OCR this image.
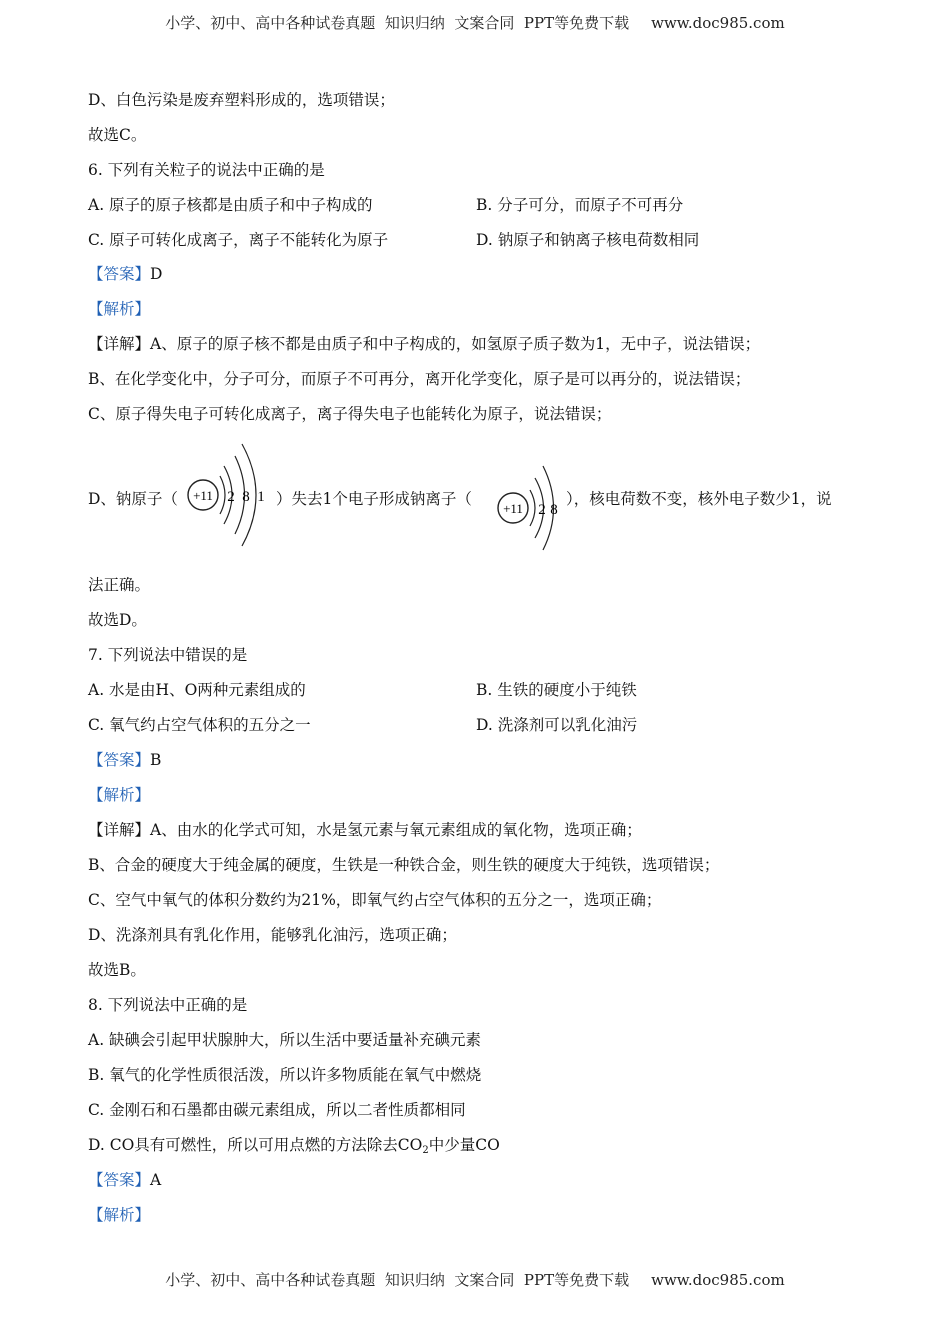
小学、初中、高中各种试卷真题  知识归纳  文案合同  PPT等免费下载 www.doc985.com
D、白色污染是废弃塑料形成的，选项错误；
故选C。
6. 下列有关粒子的说法中正确的是
A. 原子的原子核都是由质子和中子构成的	B. 分子可分，而原子不可再分
C. 原子可转化成离子，离子不能转化为原子	D. 钠原子和钠离子核电荷数相同
【答案】D
【解析】
【详解】A、原子的原子核不都是由质子和中子构成的，如氢原子质子数为1，无中子，说法错误；
B、在化学变化中，分子可分，而原子不可再分，离开化学变化，原子是可以再分的，说法错误；
C、原子得失电子可转化成离子，离子得失电子也能转化为原子，说法错误；
D、钠原子（ +11 2 8 1 ）失去1个电子形成钠离子（
+11 2 8
），核电荷数不变，核外电子数少1，说
法正确。
故选D。
7. 下列说法中错误的是
A. 水是由H、O两种元素组成的	B. 生铁的硬度小于纯铁
C. 氧气约占空气体积的五分之一	D. 洗涤剂可以乳化油污
【答案】B
【解析】
【详解】A、由水的化学式可知，水是氢元素与氧元素组成的氧化物，选项正确；
B、合金的硬度大于纯金属的硬度，生铁是一种铁合金，则生铁的硬度大于纯铁，选项错误；
C、空气中氧气的体积分数约为21%，即氧气约占空气体积的五分之一，选项正确；
D、洗涤剂具有乳化作用，能够乳化油污，选项正确；
故选B。
8. 下列说法中正确的是
A. 缺碘会引起甲状腺肿大，所以生活中要适量补充碘元素
B. 氧气的化学性质很活泼，所以许多物质能在氧气中燃烧
C. 金刚石和石墨都由碳元素组成，所以二者性质都相同
D. CO具有可燃性，所以可用点燃的方法除去$CO_2$中少量CO
【答案】A
【解析】
小学、初中、高中各种试卷真题  知识归纳  文案合同  PPT等免费下载 www.doc985.com
